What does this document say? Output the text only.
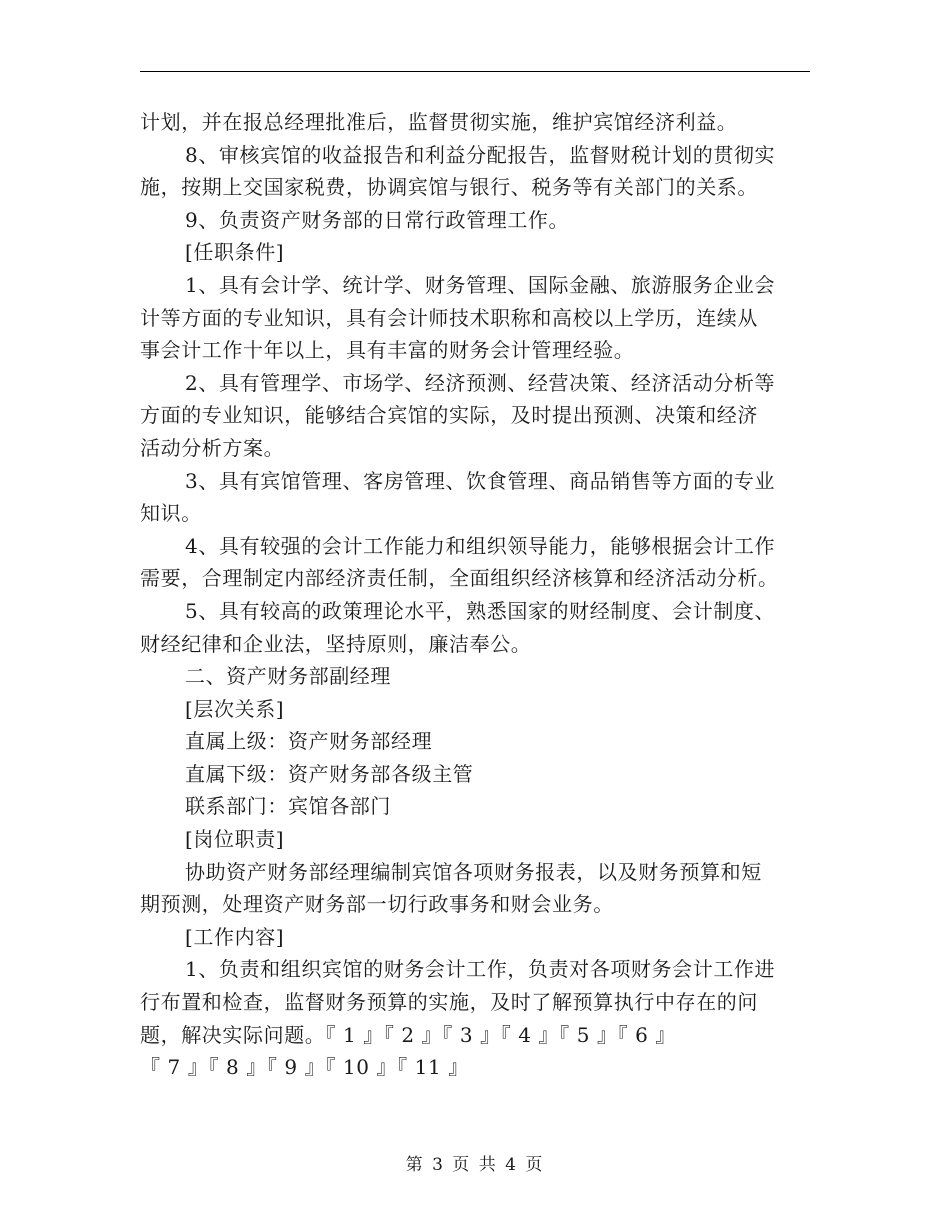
计划，并在报总经理批准后，监督贯彻实施，维护宾馆经济利益。
8、审核宾馆的收益报告和利益分配报告，监督财税计划的贯彻实
施，按期上交国家税费，协调宾馆与银行、税务等有关部门的关系。
9、负责资产财务部的日常行政管理工作。
[任职条件]
1、具有会计学、统计学、财务管理、国际金融、旅游服务企业会
计等方面的专业知识，具有会计师技术职称和高校以上学历，连续从
事会计工作十年以上，具有丰富的财务会计管理经验。
2、具有管理学、市场学、经济预测、经营决策、经济活动分析等
方面的专业知识，能够结合宾馆的实际，及时提出预测、决策和经济
活动分析方案。
3、具有宾馆管理、客房管理、饮食管理、商品销售等方面的专业
知识。
4、具有较强的会计工作能力和组织领导能力，能够根据会计工作
需要，合理制定内部经济责任制，全面组织经济核算和经济活动分析。
5、具有较高的政策理论水平，熟悉国家的财经制度、会计制度、
财经纪律和企业法，坚持原则，廉洁奉公。
二、资产财务部副经理
[层次关系]
直属上级：资产财务部经理
直属下级：资产财务部各级主管
联系部门：宾馆各部门
[岗位职责]
协助资产财务部经理编制宾馆各项财务报表，以及财务预算和短
期预测，处理资产财务部一切行政事务和财会业务。
[工作内容]
1、负责和组织宾馆的财务会计工作，负责对各项财务会计工作进
行布置和检查，监督财务预算的实施，及时了解预算执行中存在的问
题，解决实际问题。『 1 』『 2 』『 3 』『 4 』『 5 』『 6 』
『 7 』『 8 』『 9 』『 10 』『 11 』
第 3 页 共 4 页
